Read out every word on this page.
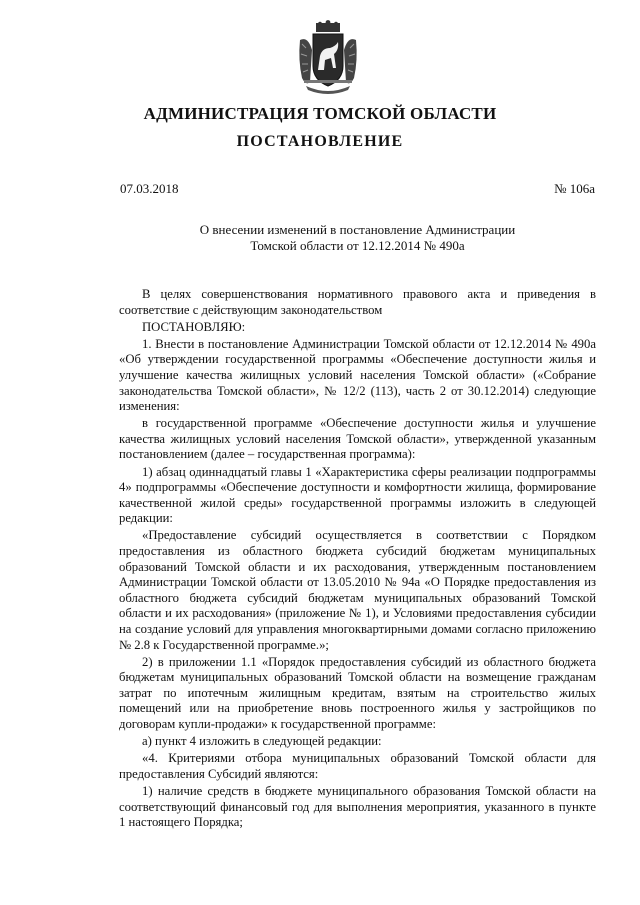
АДМИНИСТРАЦИЯ ТОМСКОЙ ОБЛАСТИ
ПОСТАНОВЛЕНИЕ
07.03.2018	№ 106а
О внесении изменений в постановление Администрации
Томской области от 12.12.2014 № 490а

В целях совершенствования нормативного правового акта и приведения в соответствие с действующим законодательством

ПОСТАНОВЛЯЮ:

1. Внести в постановление Администрации Томской области от 12.12.2014 № 490а «Об утверждении государственной программы «Обеспечение доступности жилья и улучшение качества жилищных условий населения Томской области» («Собрание законодательства Томской области», № 12/2 (113), часть 2 от 30.12.2014) следующие изменения:

в государственной программе «Обеспечение доступности жилья и улучшение качества жилищных условий населения Томской области», утвержденной указанным постановлением (далее – государственная программа):

1) абзац одиннадцатый главы 1 «Характеристика сферы реализации подпрограммы 4» подпрограммы «Обеспечение доступности и комфортности жилища, формирование качественной жилой среды» государственной программы изложить в следующей редакции:

«Предоставление субсидий осуществляется в соответствии с Порядком предоставления из областного бюджета субсидий бюджетам муниципальных образований Томской области и их расходования, утвержденным постановлением Администрации Томской области от 13.05.2010 № 94а «О Порядке предоставления из областного бюджета субсидий бюджетам муниципальных образований Томской области и их расходования» (приложение № 1), и Условиями предоставления субсидии на создание условий для управления многоквартирными домами согласно приложению № 2.8 к Государственной программе.»;

2) в приложении 1.1 «Порядок предоставления субсидий из областного бюджета бюджетам муниципальных образований Томской области на возмещение гражданам затрат по ипотечным жилищным кредитам, взятым на строительство жилых помещений или на приобретение вновь построенного жилья у застройщиков по договорам купли-продажи» к государственной программе:

а) пункт 4 изложить в следующей редакции:

«4. Критериями отбора муниципальных образований Томской области для предоставления Субсидий являются:

1) наличие средств в бюджете муниципального образования Томской области на соответствующий финансовый год для выполнения мероприятия, указанного в пункте 1 настоящего Порядка;
